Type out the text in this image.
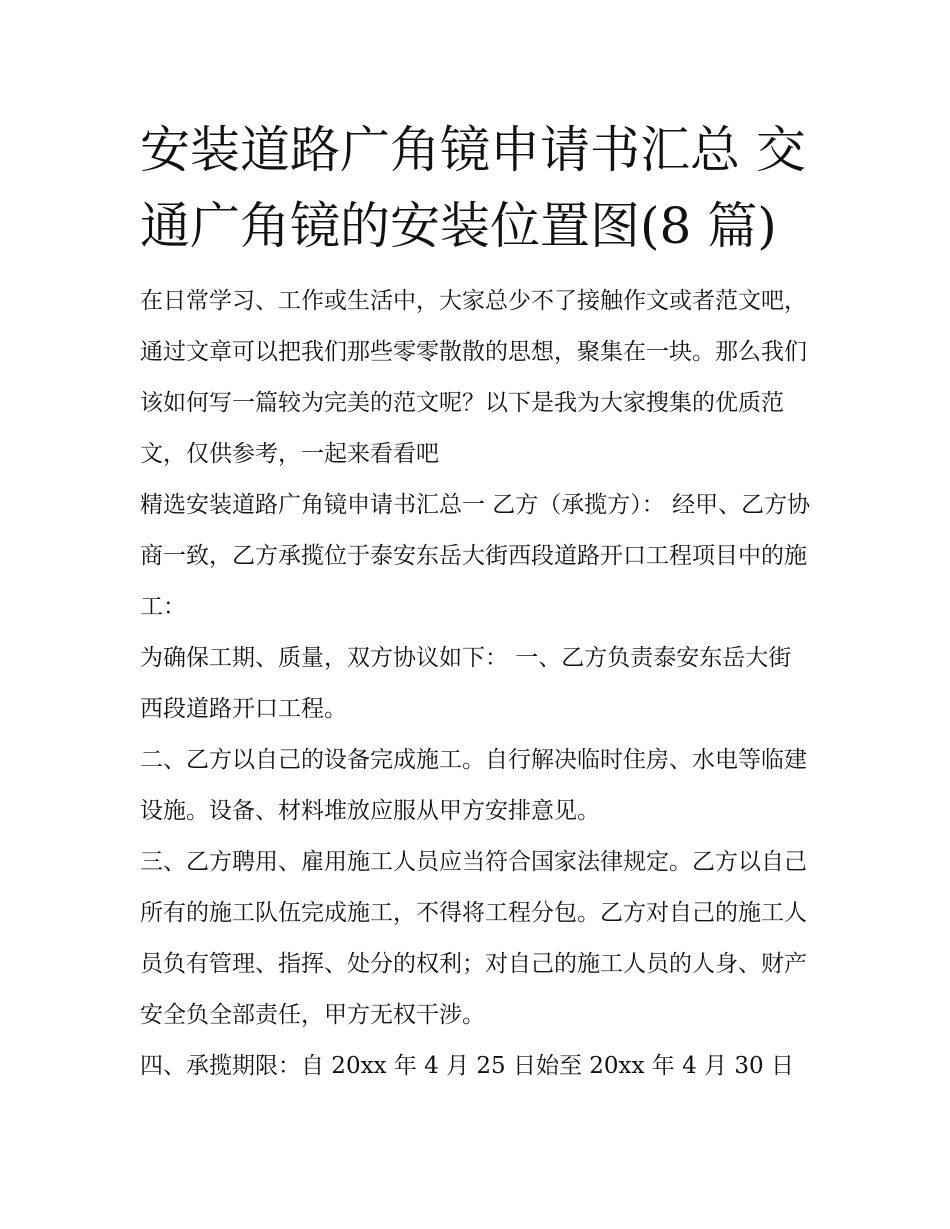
安装道路广角镜申请书汇总 交
通广角镜的安装位置图(8 篇)

在日常学习、工作或生活中，大家总少不了接触作文或者范文吧，通过文章可以把我们那些零零散散的思想，聚集在一块。那么我们该如何写一篇较为完美的范文呢？以下是我为大家搜集的优质范文，仅供参考，一起来看看吧

精选安装道路广角镜申请书汇总一 乙方（承揽方）： 经甲、乙方协商一致，乙方承揽位于泰安东岳大街西段道路开口工程项目中的施工：

为确保工期、质量，双方协议如下： 一、乙方负责泰安东岳大街西段道路开口工程。

二、乙方以自己的设备完成施工。自行解决临时住房、水电等临建设施。设备、材料堆放应服从甲方安排意见。

三、乙方聘用、雇用施工人员应当符合国家法律规定。乙方以自己所有的施工队伍完成施工，不得将工程分包。乙方对自己的施工人员负有管理、指挥、处分的权利；对自己的施工人员的人身、财产安全负全部责任，甲方无权干涉。

四、承揽期限：自 20xx 年 4 月 25 日始至 20xx 年 4 月 30 日
